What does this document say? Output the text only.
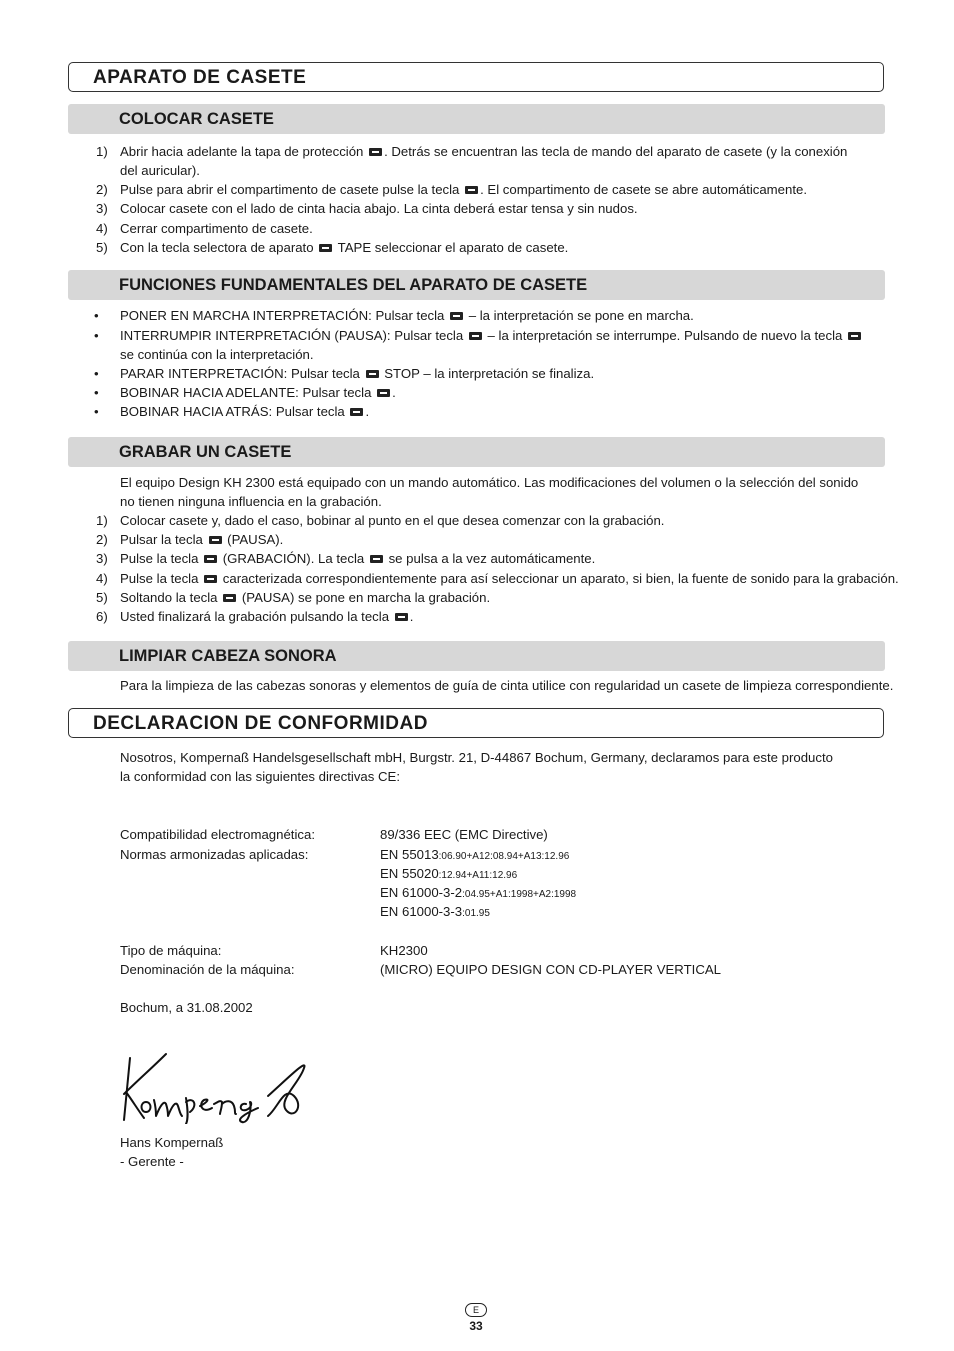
APARATO DE CASETE
COLOCAR CASETE
1) Abrir hacia adelante la tapa de protección . Detrás se encuentran las tecla de mando del aparato de casete (y la conexión
del auricular).
2) Pulse para abrir el compartimento de casete pulse la tecla . El compartimento de casete se abre automáticamente.
3) Colocar casete con el lado de cinta hacia abajo. La cinta deberá estar tensa y sin nudos.
4) Cerrar compartimento de casete.
5) Con la tecla selectora de aparato TAPE seleccionar el aparato de casete.
FUNCIONES FUNDAMENTALES DEL APARATO DE CASETE
• PONER EN MARCHA INTERPRETACIÓN: Pulsar tecla – la interpretación se pone en marcha.
• INTERRUMPIR INTERPRETACIÓN (PAUSA): Pulsar tecla – la interpretación se interrumpe. Pulsando de nuevo la tecla
se continúa con la interpretación.
• PARAR INTERPRETACIÓN: Pulsar tecla STOP – la interpretación se finaliza.
• BOBINAR HACIA ADELANTE: Pulsar tecla .
• BOBINAR HACIA ATRÁS: Pulsar tecla .
GRABAR UN CASETE
El equipo Design KH 2300 está equipado con un mando automático. Las modificaciones del volumen o la selección del sonido
no tienen ninguna influencia en la grabación.
1) Colocar casete y, dado el caso, bobinar al punto en el que desea comenzar con la grabación.
2) Pulsar la tecla (PAUSA).
3) Pulse la tecla (GRABACIÓN). La tecla se pulsa a la vez automáticamente.
4) Pulse la tecla caracterizada correspondientemente para así seleccionar un aparato, si bien, la fuente de sonido para la grabación.
5) Soltando la tecla (PAUSA) se pone en marcha la grabación.
6) Usted finalizará la grabación pulsando la tecla .
LIMPIAR CABEZA SONORA
Para la limpieza de las cabezas sonoras y elementos de guía de cinta utilice con regularidad un casete de limpieza correspondiente.
DECLARACION DE CONFORMIDAD
Nosotros, Kompernaß Handelsgesellschaft mbH, Burgstr. 21, D-44867 Bochum, Germany, declaramos para este producto
la conformidad con las siguientes directivas CE:
Compatibilidad electromagnética:	89/336 EEC (EMC Directive)
Normas armonizadas aplicadas:	EN 55013:06.90+A12:08.94+A13:12.96
EN 55020:12.94+A11:12.96
EN 61000-3-2:04.95+A1:1998+A2:1998
EN 61000-3-3:01.95
Tipo de máquina:	KH2300
Denominación de la máquina:	(MICRO) EQUIPO DESIGN CON CD-PLAYER VERTICAL
Bochum, a 31.08.2002
Hans Kompernaß
- Gerente -
E
33
